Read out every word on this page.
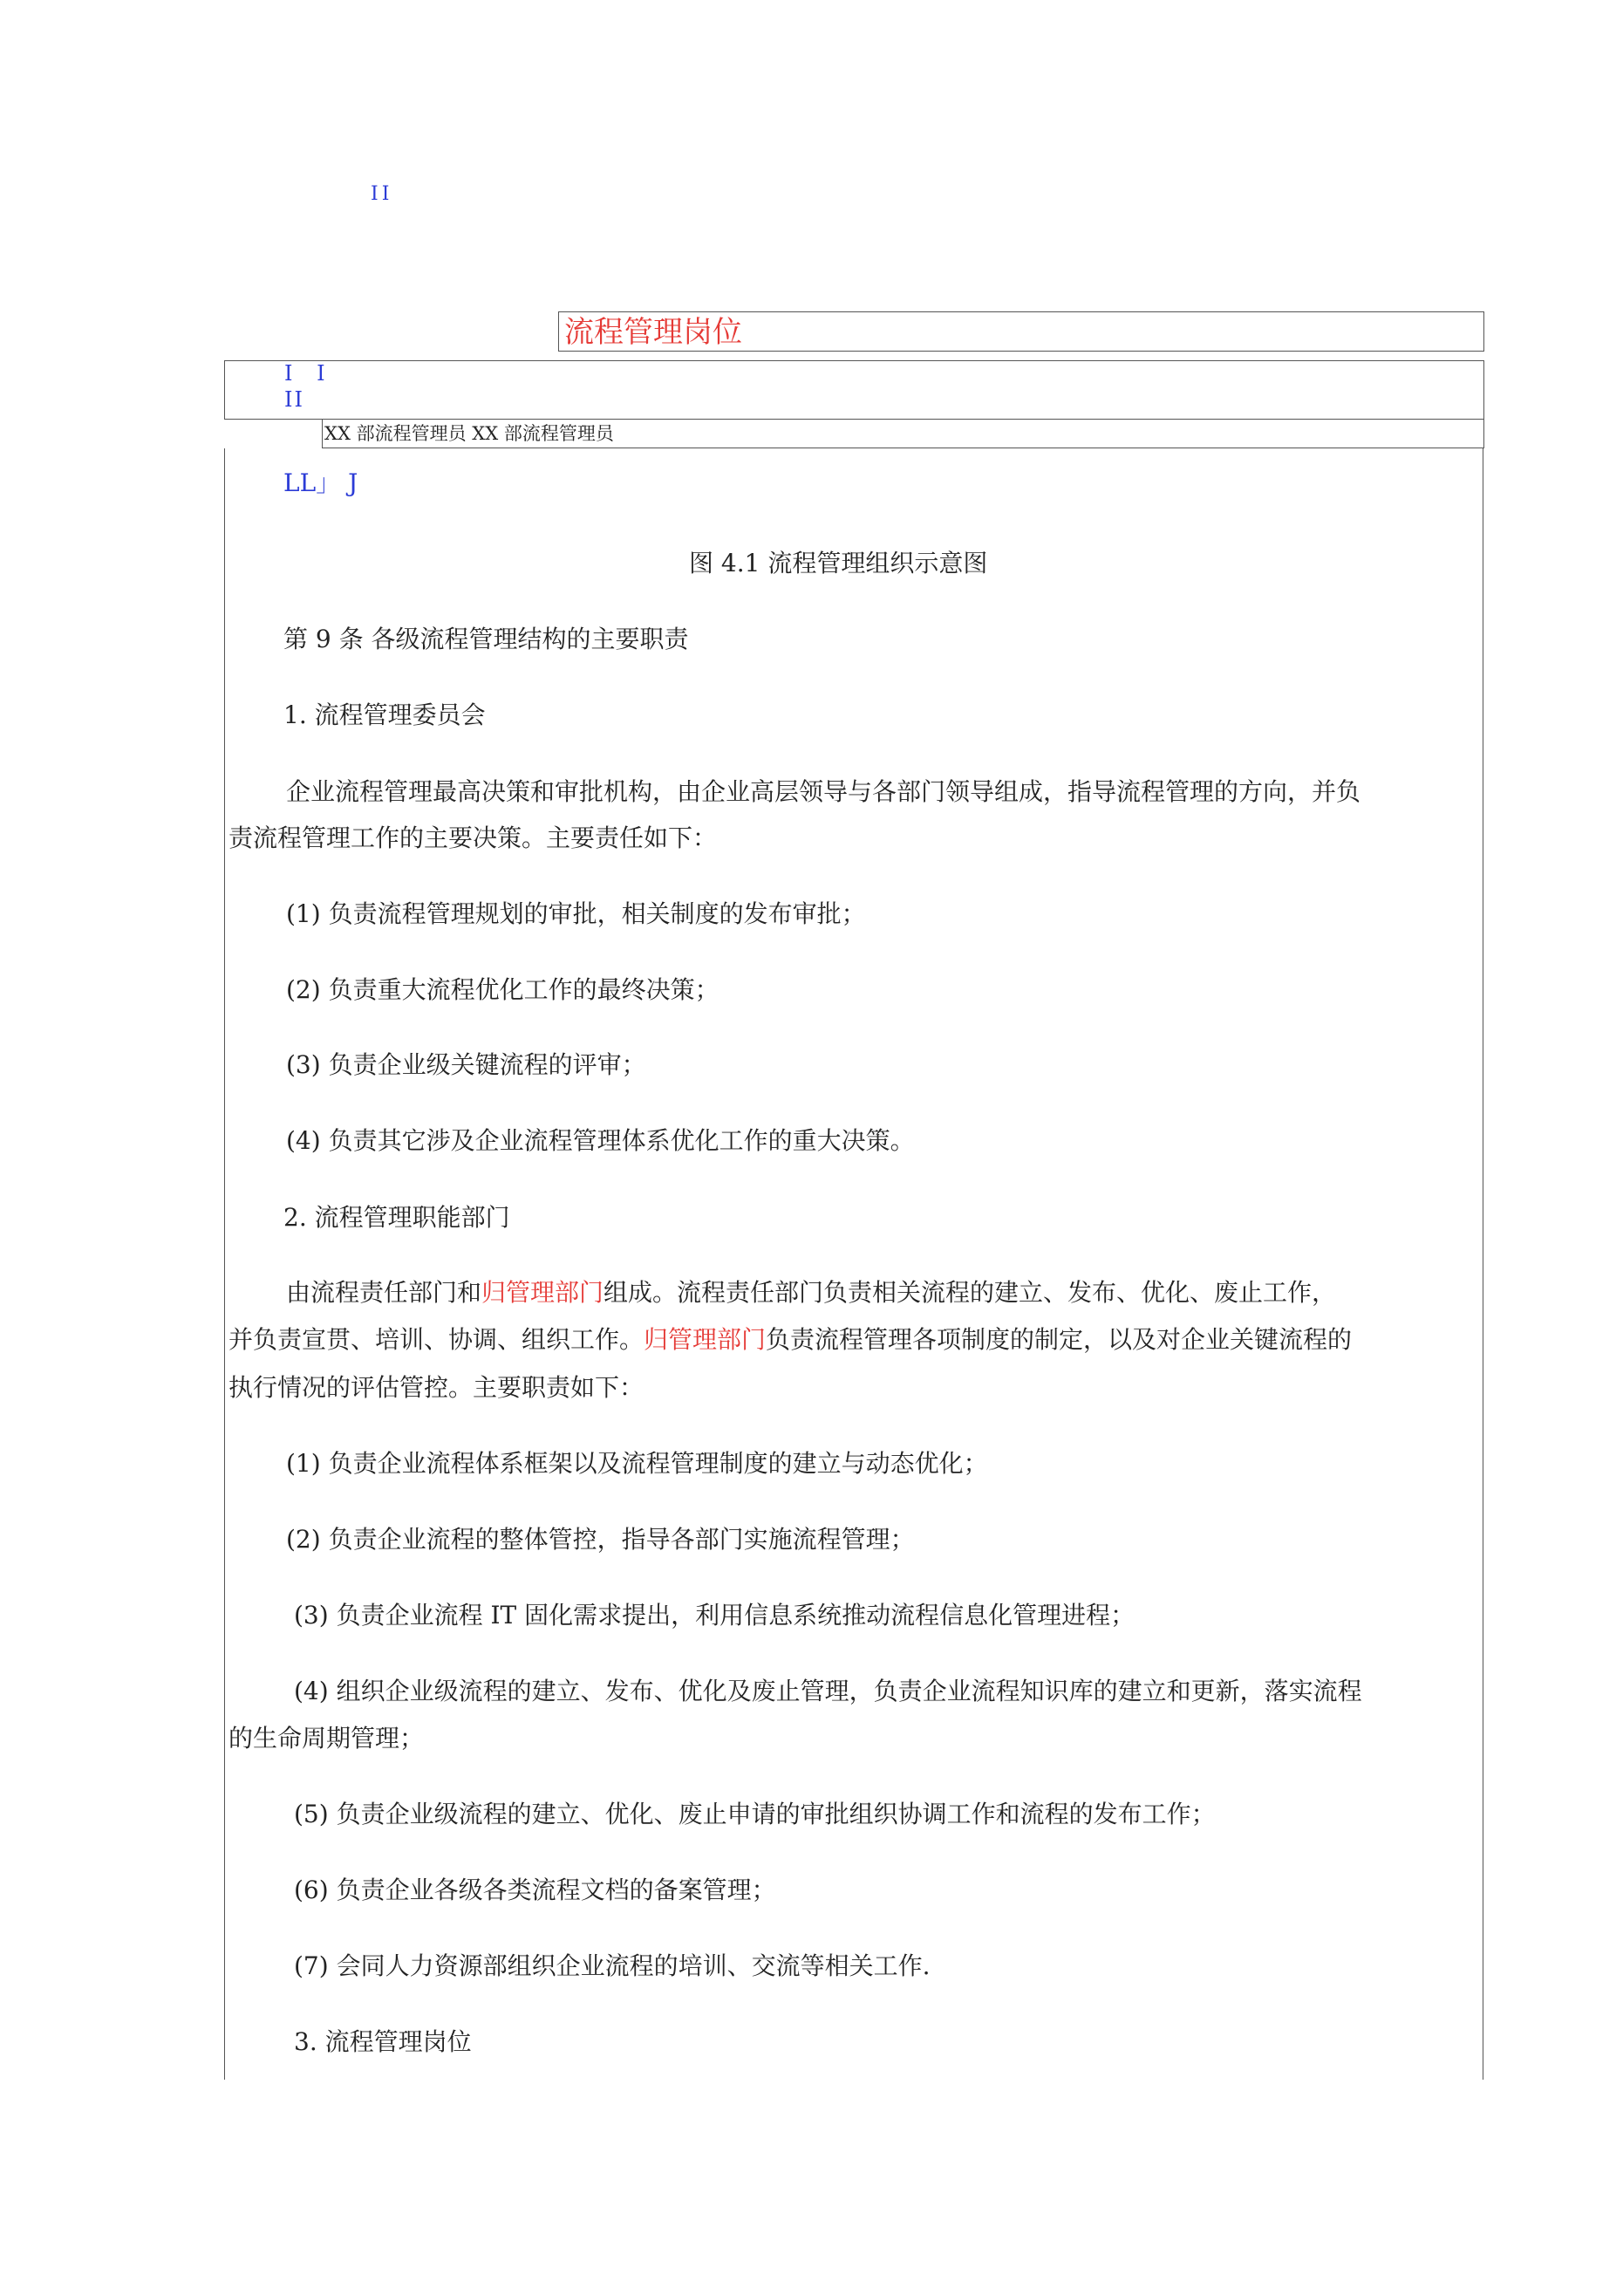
II
流程管理岗位
I I
II
XX 部流程管理员 XX 部流程管理员
LL」 J
图 4.1 流程管理组织示意图
第 9 条 各级流程管理结构的主要职责
1. 流程管理委员会
企业流程管理最高决策和审批机构，由企业高层领导与各部门领导组成，指导流程管理的方向，并负
责流程管理工作的主要决策。主要责任如下：
(1) 负责流程管理规划的审批，相关制度的发布审批；
(2) 负责重大流程优化工作的最终决策；
(3) 负责企业级关键流程的评审；
(4) 负责其它涉及企业流程管理体系优化工作的重大决策。
2. 流程管理职能部门
由流程责任部门和归管理部门组成。流程责任部门负责相关流程的建立、发布、优化、废止工作，
并负责宣贯、培训、协调、组织工作。归管理部门负责流程管理各项制度的制定，以及对企业关键流程的
执行情况的评估管控。主要职责如下：
(1) 负责企业流程体系框架以及流程管理制度的建立与动态优化；
(2) 负责企业流程的整体管控，指导各部门实施流程管理；
(3) 负责企业流程 IT 固化需求提出，利用信息系统推动流程信息化管理进程；
(4) 组织企业级流程的建立、发布、优化及废止管理，负责企业流程知识库的建立和更新，落实流程
的生命周期管理；
(5) 负责企业级流程的建立、优化、废止申请的审批组织协调工作和流程的发布工作；
(6) 负责企业各级各类流程文档的备案管理；
(7) 会同人力资源部组织企业流程的培训、交流等相关工作.
3. 流程管理岗位
